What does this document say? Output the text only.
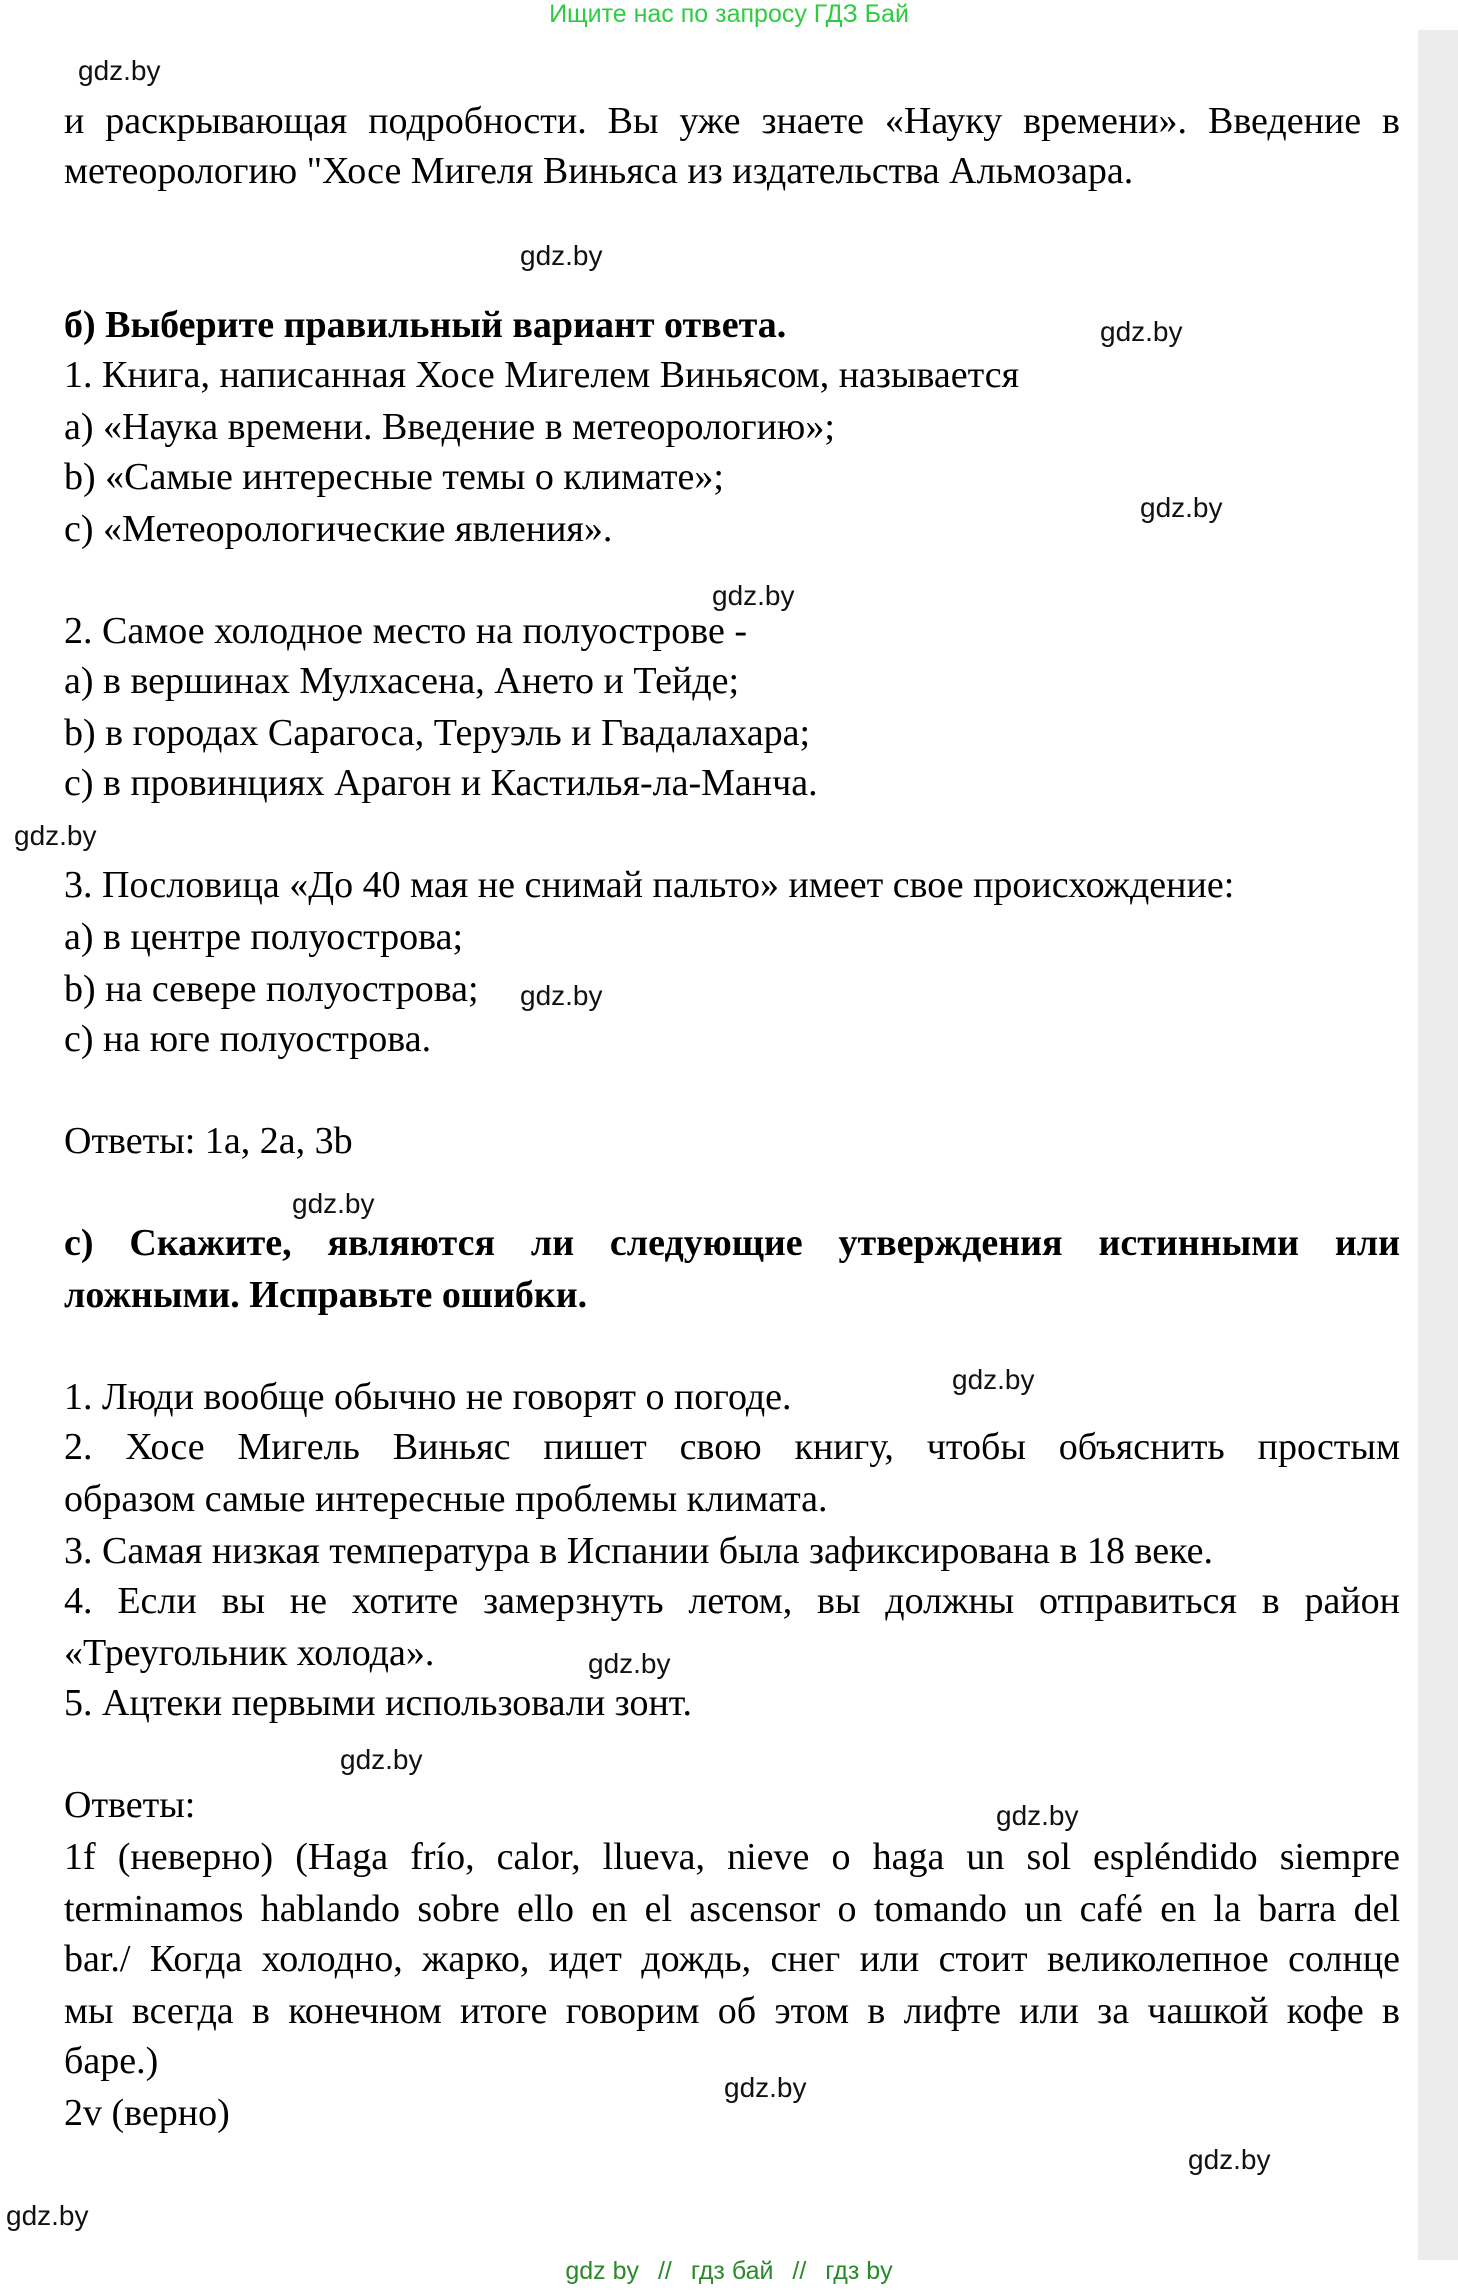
Ищите нас по запросу ГДЗ Бай
gdz.by
gdz.by
gdz.by
gdz.by
gdz.by
gdz.by
gdz.by
gdz.by
gdz.by
gdz.by
gdz.by
gdz.by
gdz.by
gdz.by
gdz.by
и раскрывающая подробности. Вы уже знаете «Науку времени». Введение в
метеорологию "Хосе Мигеля Виньяса из издательства Альмозара.
б) Выберите правильный вариант ответа.
1. Книга, написанная Хосе Мигелем Виньясом, называется
а) «Наука времени. Введение в метеорологию»;
b) «Самые интересные темы о климате»;
c) «Метеорологические явления».
2. Самое холодное место на полуострове -
а) в вершинах Мулхасена, Ането и Тейде;
b) в городах Сарагоса, Теруэль и Гвадалахара;
c) в провинциях Арагон и Кастилья-ла-Манча.
3. Пословица «До 40 мая не снимай пальто» имеет свое происхождение:
а) в центре полуострова;
b) на севере полуострова;
c) на юге полуострова.
Ответы: 1a, 2a, 3b
с) Скажите, являются ли следующие утверждения истинными или
ложными. Исправьте ошибки.
1. Люди вообще обычно не говорят о погоде.
2. Хосе Мигель Виньяс пишет свою книгу, чтобы объяснить простым
образом самые интересные проблемы климата.
3. Самая низкая температура в Испании была зафиксирована в 18 веке.
4. Если вы не хотите замерзнуть летом, вы должны отправиться в район
«Треугольник холода».
5. Ацтеки первыми использовали зонт.
Ответы:
1f (неверно) (Haga frío, calor, llueva, nieve o haga un sol espléndido siempre
terminamos hablando sobre ello en el ascensor o tomando un café en la barra del
bar./ Когда холодно, жарко, идет дождь, снег или стоит великолепное солнце
мы всегда в конечном итоге говорим об этом в лифте или за чашкой кофе в
баре.)
2v (верно)
gdz by // гдз бай // гдз by
